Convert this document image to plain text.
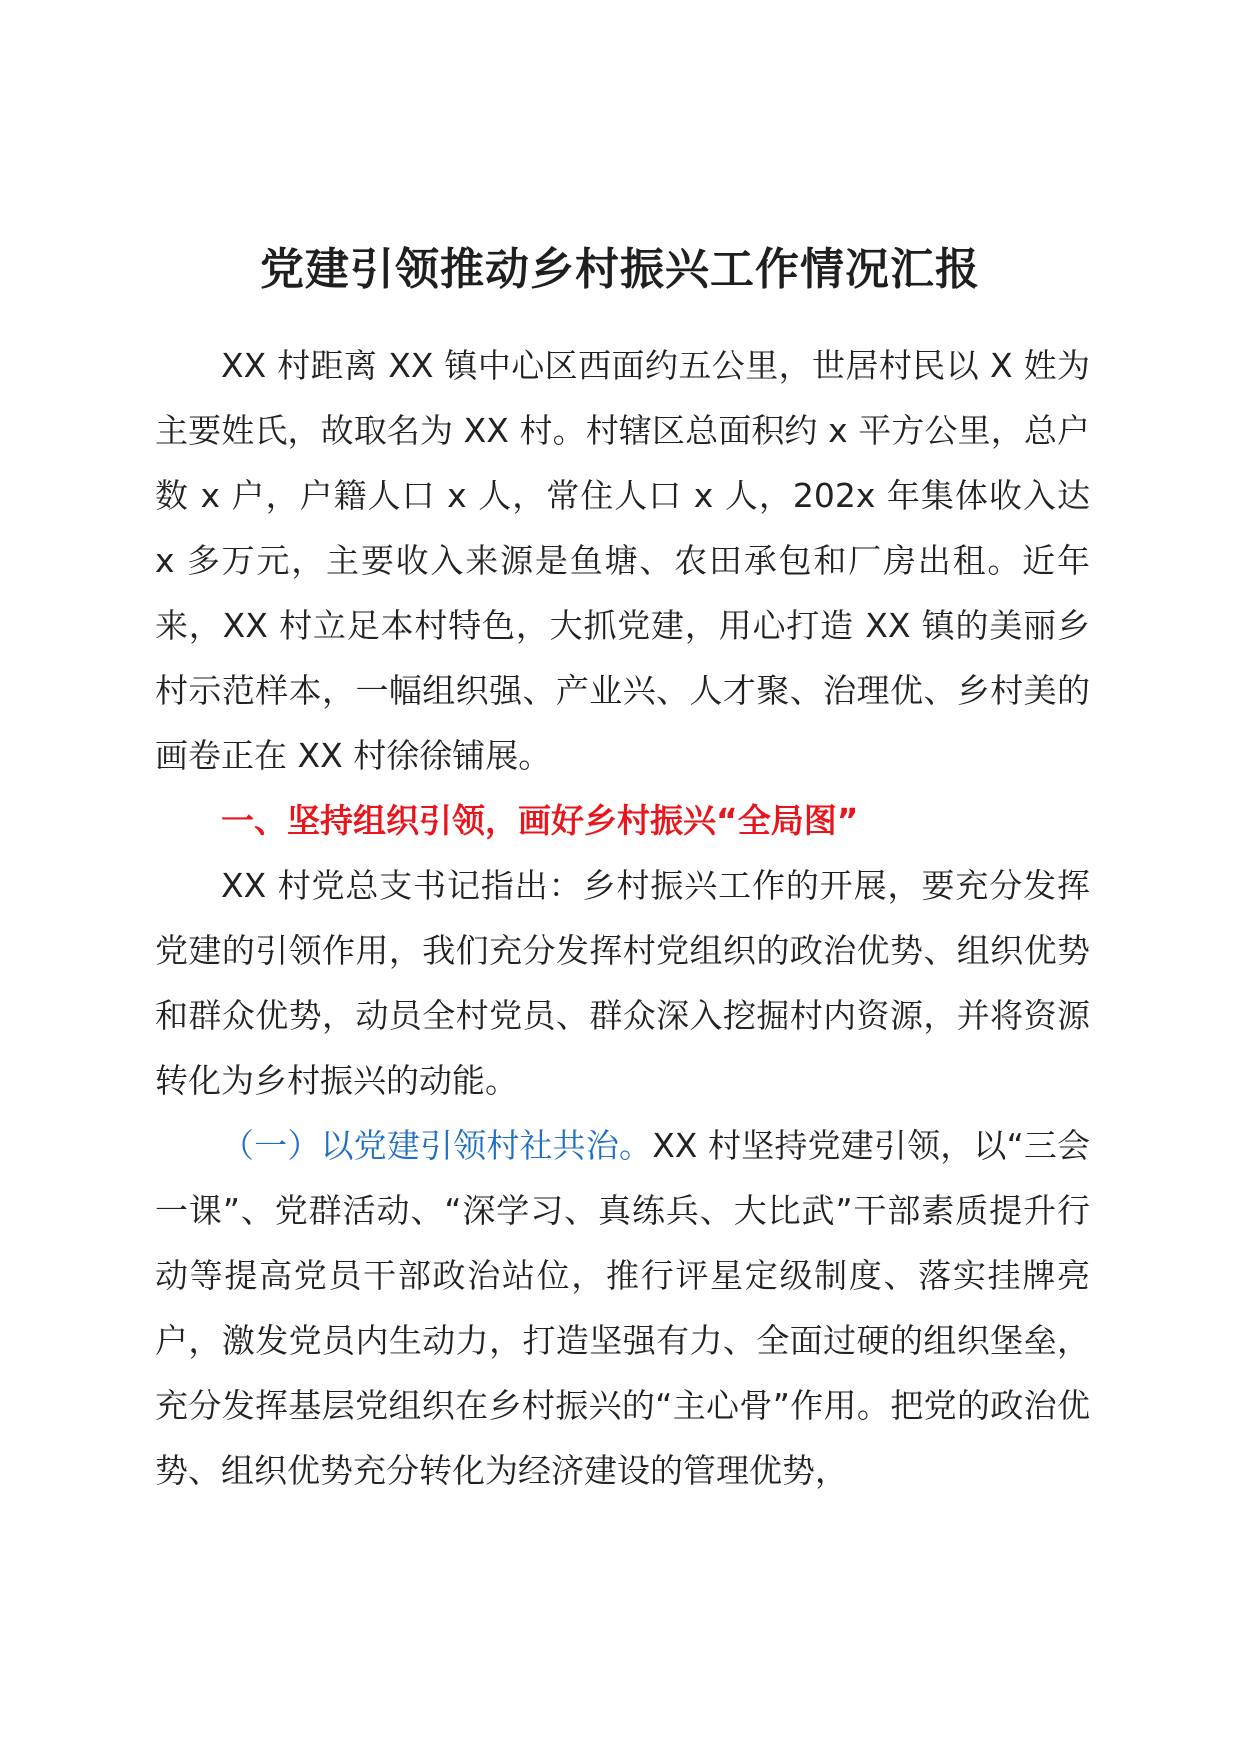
党建引领推动乡村振兴工作情况汇报

XX 村距离 XX 镇中心区西面约五公里，世居村民以 X 姓为主要姓氏，故取名为 XX 村。村辖区总面积约 x 平方公里，总户数 x 户，户籍人口 x 人，常住人口 x 人，202x 年集体收入达 x 多万元，主要收入来源是鱼塘、农田承包和厂房出租。近年来，XX 村立足本村特色，大抓党建，用心打造 XX 镇的美丽乡村示范样本，一幅组织强、产业兴、人才聚、治理优、乡村美的画卷正在 XX 村徐徐铺展。

一、坚持组织引领，画好乡村振兴“全局图”

XX 村党总支书记指出：乡村振兴工作的开展，要充分发挥党建的引领作用，我们充分发挥村党组织的政治优势、组织优势和群众优势，动员全村党员、群众深入挖掘村内资源，并将资源转化为乡村振兴的动能。

（一）以党建引领村社共治。XX 村坚持党建引领，以“三会一课”、党群活动、“深学习、真练兵、大比武”干部素质提升行动等提高党员干部政治站位，推行评星定级制度、落实挂牌亮户，激发党员内生动力，打造坚强有力、全面过硬的组织堡垒，充分发挥基层党组织在乡村振兴的“主心骨”作用。把党的政治优势、组织优势充分转化为经济建设的管理优势，
